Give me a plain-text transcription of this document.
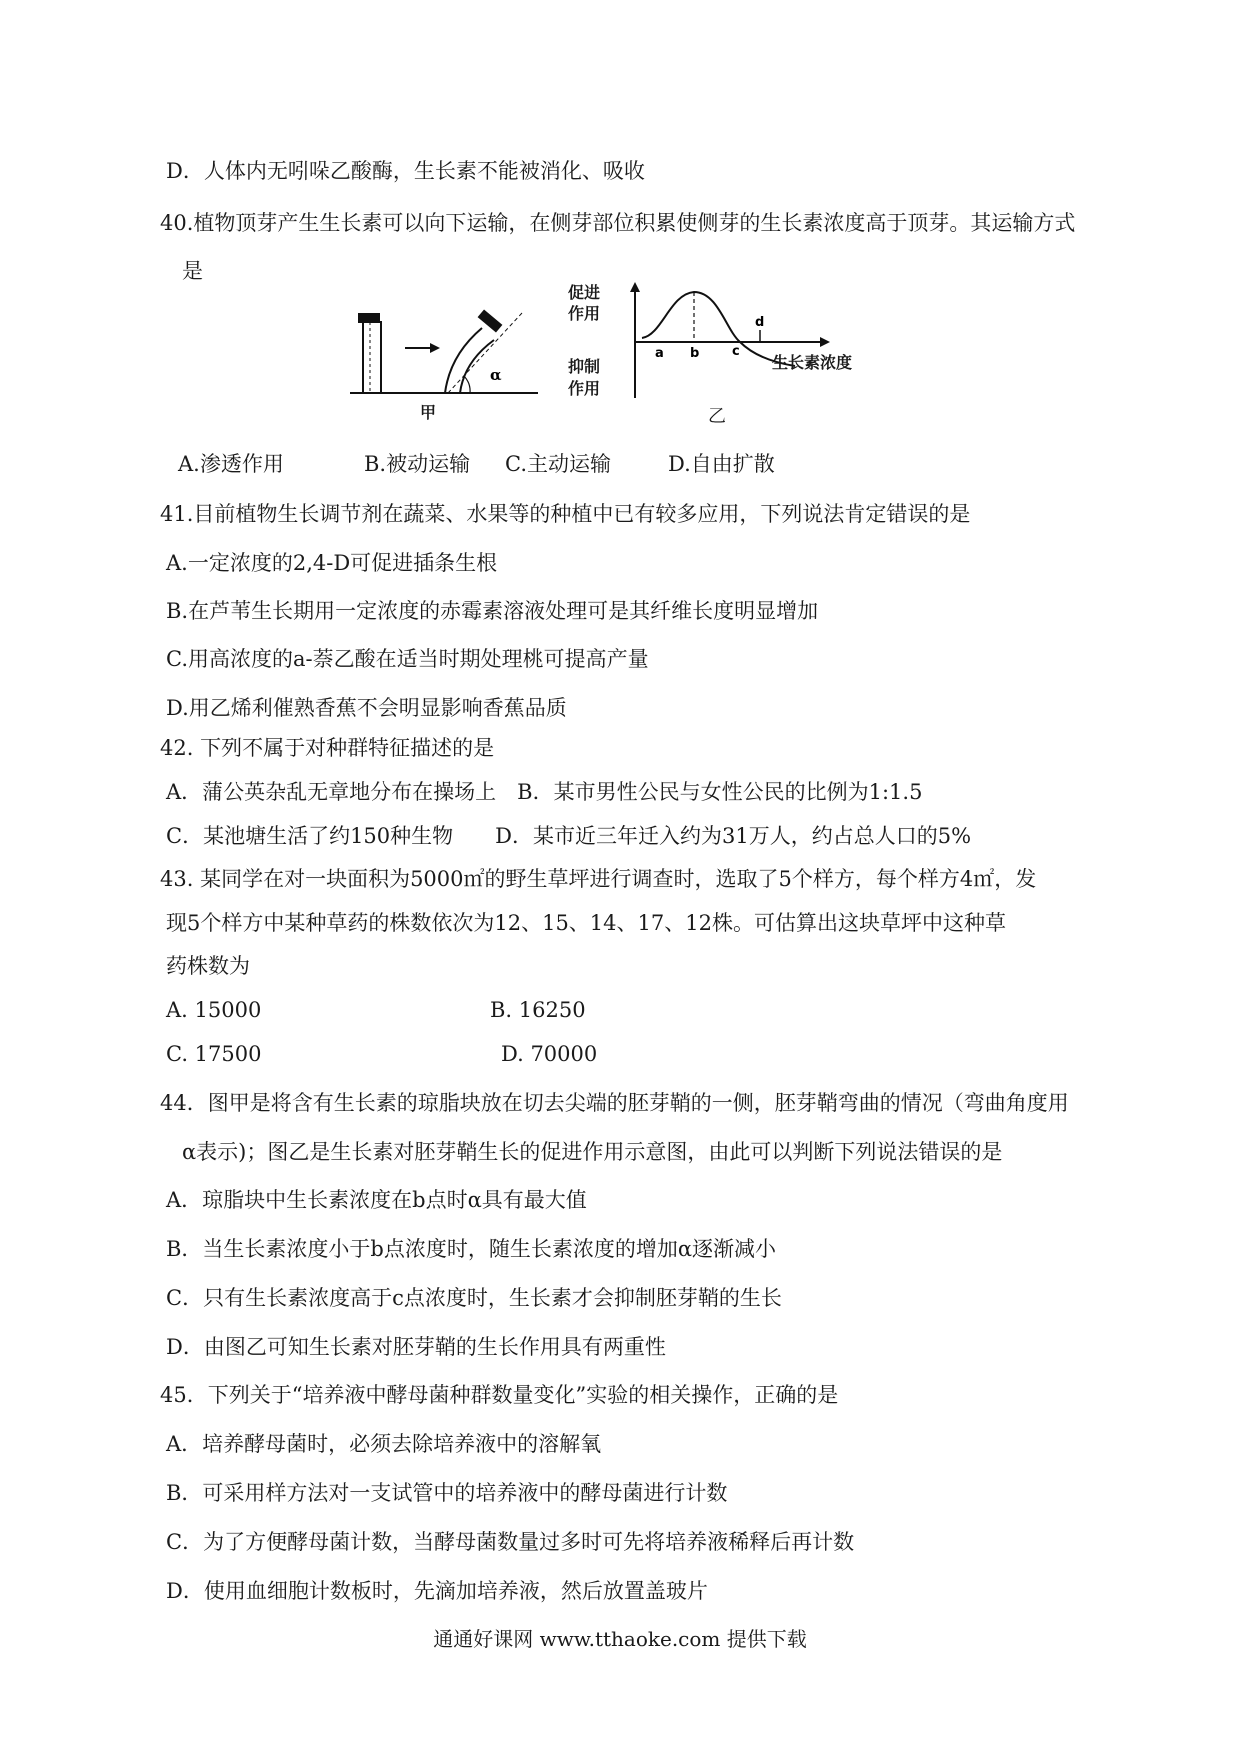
D．人体内无吲哚乙酸酶，生长素不能被消化、吸收
40.植物顶芽产生生长素可以向下运输，在侧芽部位积累使侧芽的生长素浓度高于顶芽。其运输方式
是
α
甲
a b	c
d
促进
作用
抑制
作用
生长素浓度
乙
A.渗透作用	B.被动运输 C.主动运输	D.自由扩散
41.目前植物生长调节剂在蔬菜、水果等的种植中已有较多应用，下列说法肯定错误的是
A.一定浓度的2,4-D可促进插条生根
B.在芦苇生长期用一定浓度的赤霉素溶液处理可是其纤维长度明显增加
C.用高浓度的a-萘乙酸在适当时期处理桃可提高产量
D.用乙烯利催熟香蕉不会明显影响香蕉品质
42. 下列不属于对种群特征描述的是
A．蒲公英杂乱无章地分布在操场上　B．某市男性公民与女性公民的比例为1:1.5
C．某池塘生活了约150种生物　　D．某市近三年迁入约为31万人，约占总人口的5%
43. 某同学在对一块面积为5000㎡的野生草坪进行调查时，选取了5个样方，每个样方4㎡，发
现5个样方中某种草药的株数依次为12、15、14、17、12株。可估算出这块草坪中这种草
药株数为
A. 15000	B. 16250
C. 17500	D. 70000
44．图甲是将含有生长素的琼脂块放在切去尖端的胚芽鞘的一侧，胚芽鞘弯曲的情况（弯曲角度用
α表示)；图乙是生长素对胚芽鞘生长的促进作用示意图，由此可以判断下列说法错误的是
A．琼脂块中生长素浓度在b点时α具有最大值
B．当生长素浓度小于b点浓度时，随生长素浓度的增加α逐渐减小
C．只有生长素浓度高于c点浓度时，生长素才会抑制胚芽鞘的生长
D．由图乙可知生长素对胚芽鞘的生长作用具有两重性
45．下列关于“培养液中酵母菌种群数量变化”实验的相关操作，正确的是
A．培养酵母菌时，必须去除培养液中的溶解氧
B．可采用样方法对一支试管中的培养液中的酵母菌进行计数
C．为了方便酵母菌计数，当酵母菌数量过多时可先将培养液稀释后再计数
D．使用血细胞计数板时，先滴加培养液，然后放置盖玻片
通通好课网 www.tthaoke.com 提供下载
